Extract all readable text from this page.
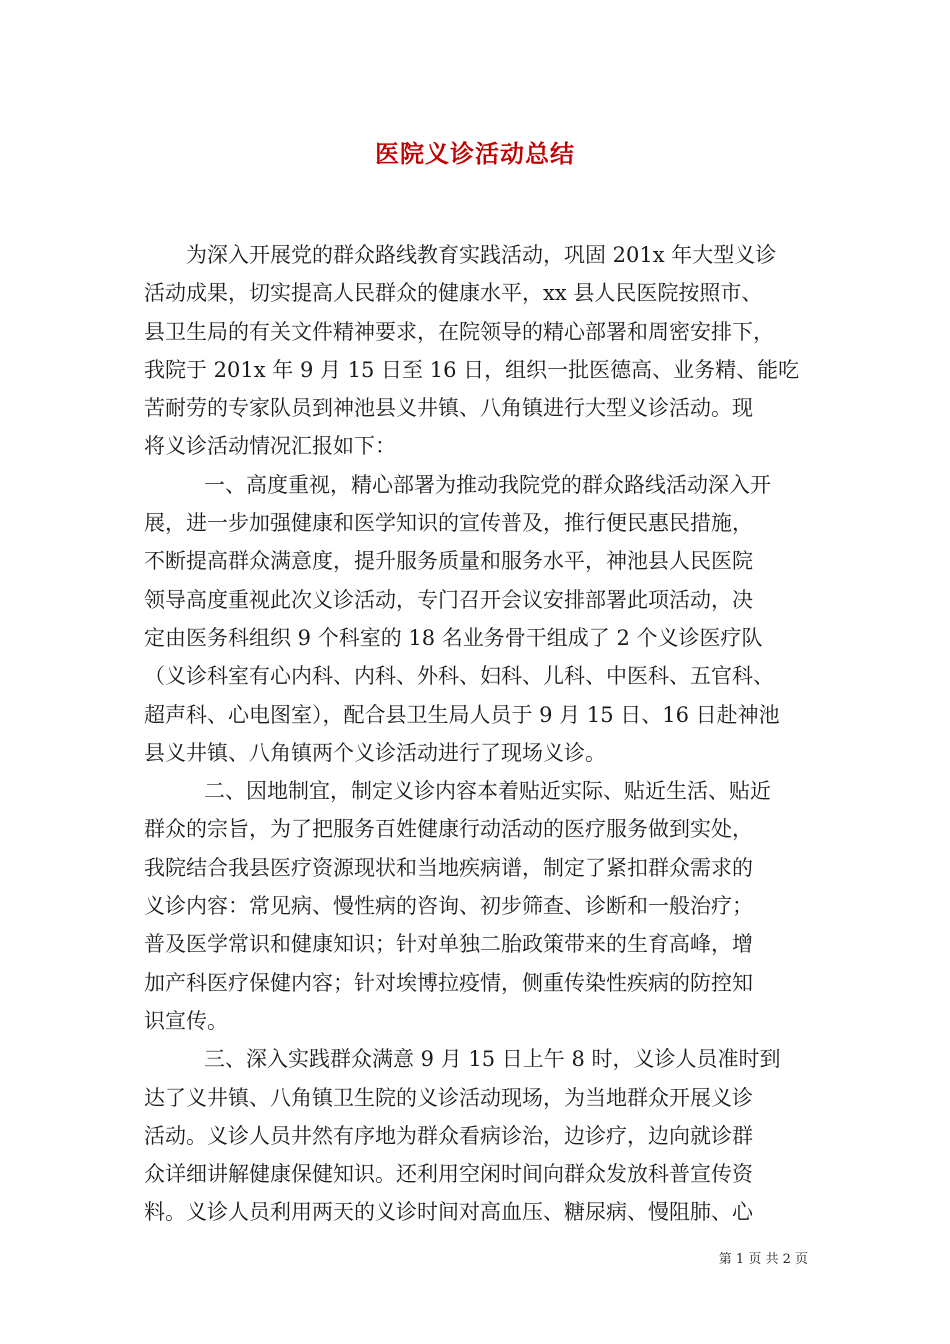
医院义诊活动总结
为深入开展党的群众路线教育实践活动，巩固 201x 年大型义诊
活动成果，切实提高人民群众的健康水平，xx 县人民医院按照市、
县卫生局的有关文件精神要求，在院领导的精心部署和周密安排下，
我院于 201x 年 9 月 15 日至 16 日，组织一批医德高、业务精、能吃
苦耐劳的专家队员到神池县义井镇、八角镇进行大型义诊活动。现
将义诊活动情况汇报如下：
一、高度重视，精心部署为推动我院党的群众路线活动深入开
展，进一步加强健康和医学知识的宣传普及，推行便民惠民措施，
不断提高群众满意度，提升服务质量和服务水平，神池县人民医院
领导高度重视此次义诊活动，专门召开会议安排部署此项活动，决
定由医务科组织 9 个科室的 18 名业务骨干组成了 2 个义诊医疗队
（义诊科室有心内科、内科、外科、妇科、儿科、中医科、五官科、
超声科、心电图室），配合县卫生局人员于 9 月 15 日、16 日赴神池
县义井镇、八角镇两个义诊活动进行了现场义诊。
二、因地制宜，制定义诊内容本着贴近实际、贴近生活、贴近
群众的宗旨，为了把服务百姓健康行动活动的医疗服务做到实处，
我院结合我县医疗资源现状和当地疾病谱，制定了紧扣群众需求的
义诊内容：常见病、慢性病的咨询、初步筛查、诊断和一般治疗；
普及医学常识和健康知识；针对单独二胎政策带来的生育高峰，增
加产科医疗保健内容；针对埃博拉疫情，侧重传染性疾病的防控知
识宣传。
三、深入实践群众满意 9 月 15 日上午 8 时，义诊人员准时到
达了义井镇、八角镇卫生院的义诊活动现场，为当地群众开展义诊
活动。义诊人员井然有序地为群众看病诊治，边诊疗，边向就诊群
众详细讲解健康保健知识。还利用空闲时间向群众发放科普宣传资
料。义诊人员利用两天的义诊时间对高血压、糖尿病、慢阻肺、心
第 1 页 共 2 页
